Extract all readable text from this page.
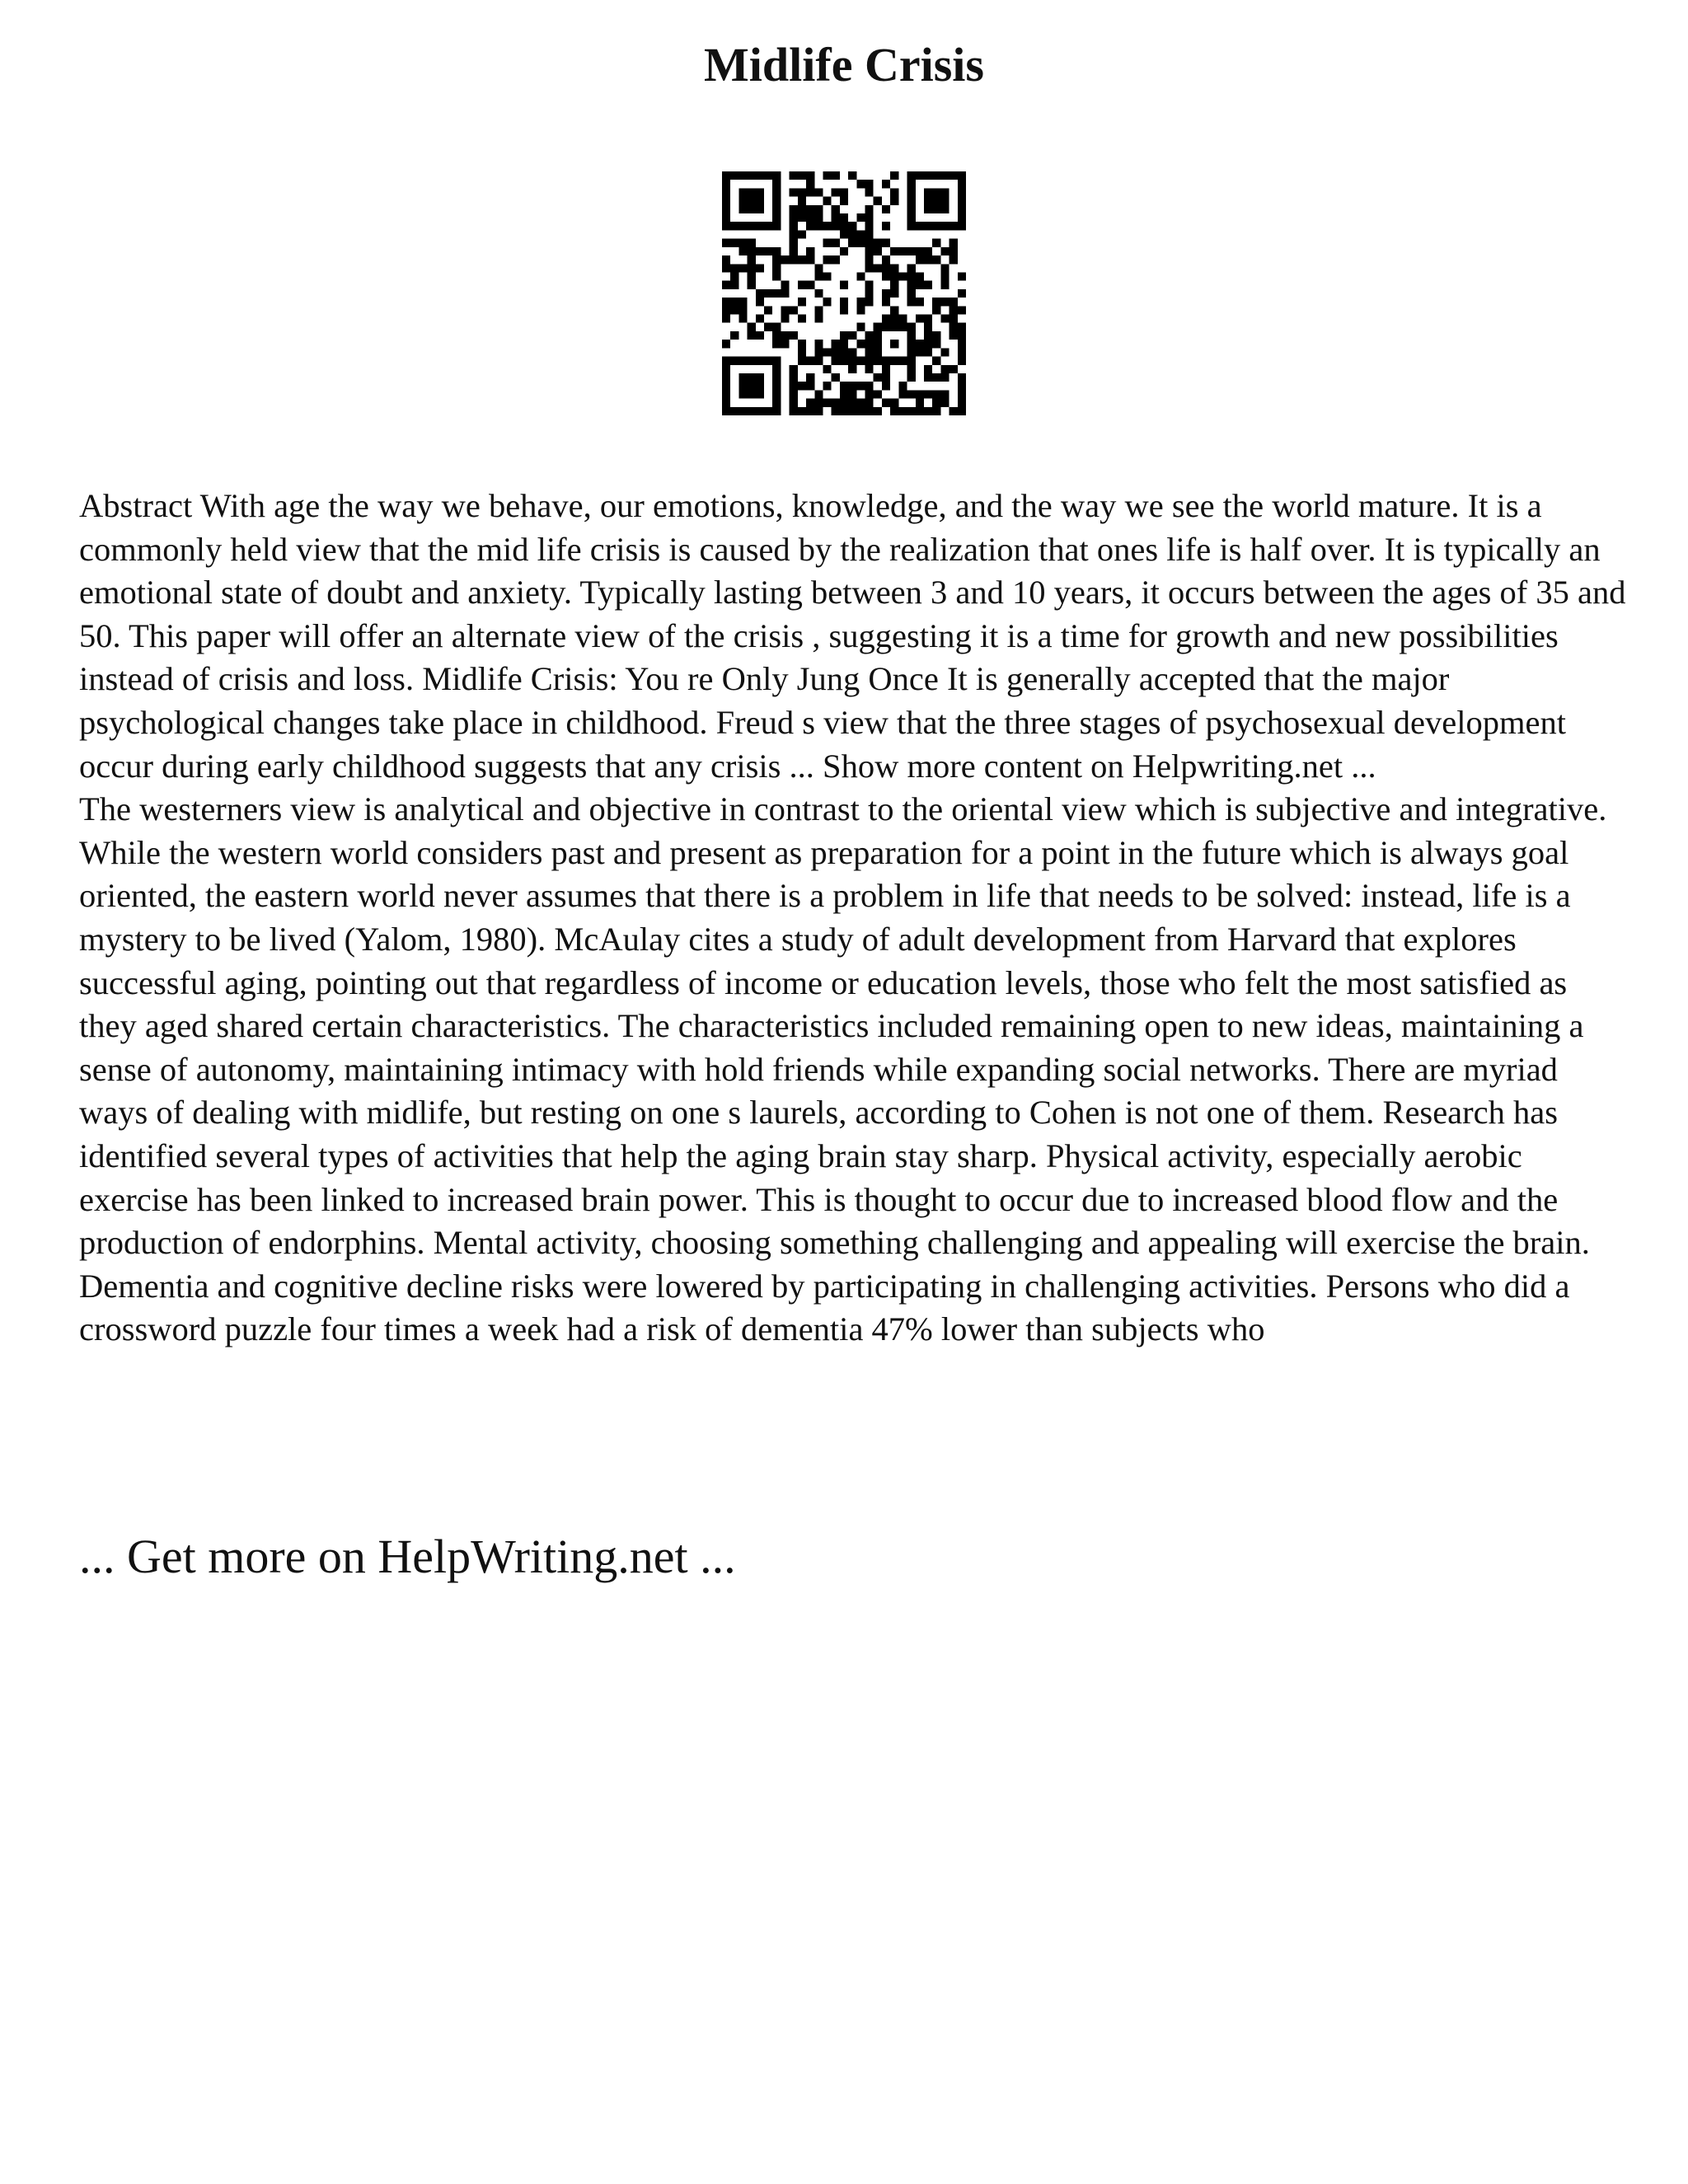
Midlife Crisis

Abstract With age the way we behave, our emotions, knowledge, and the way we see the world mature. It is a commonly held view that the mid life crisis is caused by the realization that ones life is half over. It is typically an emotional state of doubt and anxiety. Typically lasting between 3 and 10 years, it occurs between the ages of 35 and 50. This paper will offer an alternate view of the crisis , suggesting it is a time for growth and new possibilities instead of crisis and loss. Midlife Crisis: You re Only Jung Once It is generally accepted that the major psychological changes take place in childhood. Freud s view that the three stages of psychosexual development occur during early childhood suggests that any crisis ... Show more content on Helpwriting.net ...

The westerners view is analytical and objective in contrast to the oriental view which is subjective and integrative. While the western world considers past and present as preparation for a point in the future which is always goal oriented, the eastern world never assumes that there is a problem in life that needs to be solved: instead, life is a mystery to be lived (Yalom, 1980). McAulay cites a study of adult development from Harvard that explores successful aging, pointing out that regardless of income or education levels, those who felt the most satisfied as they aged shared certain characteristics. The characteristics included remaining open to new ideas, maintaining a sense of autonomy, maintaining intimacy with hold friends while expanding social networks. There are myriad ways of dealing with midlife, but resting on one s laurels, according to Cohen is not one of them. Research has identified several types of activities that help the aging brain stay sharp. Physical activity, especially aerobic exercise has been linked to increased brain power. This is thought to occur due to increased blood flow and the production of endorphins. Mental activity, choosing something challenging and appealing will exercise the brain. Dementia and cognitive decline risks were lowered by participating in challenging activities. Persons who did a crossword puzzle four times a week had a risk of dementia 47% lower than subjects who

... Get more on HelpWriting.net ...
